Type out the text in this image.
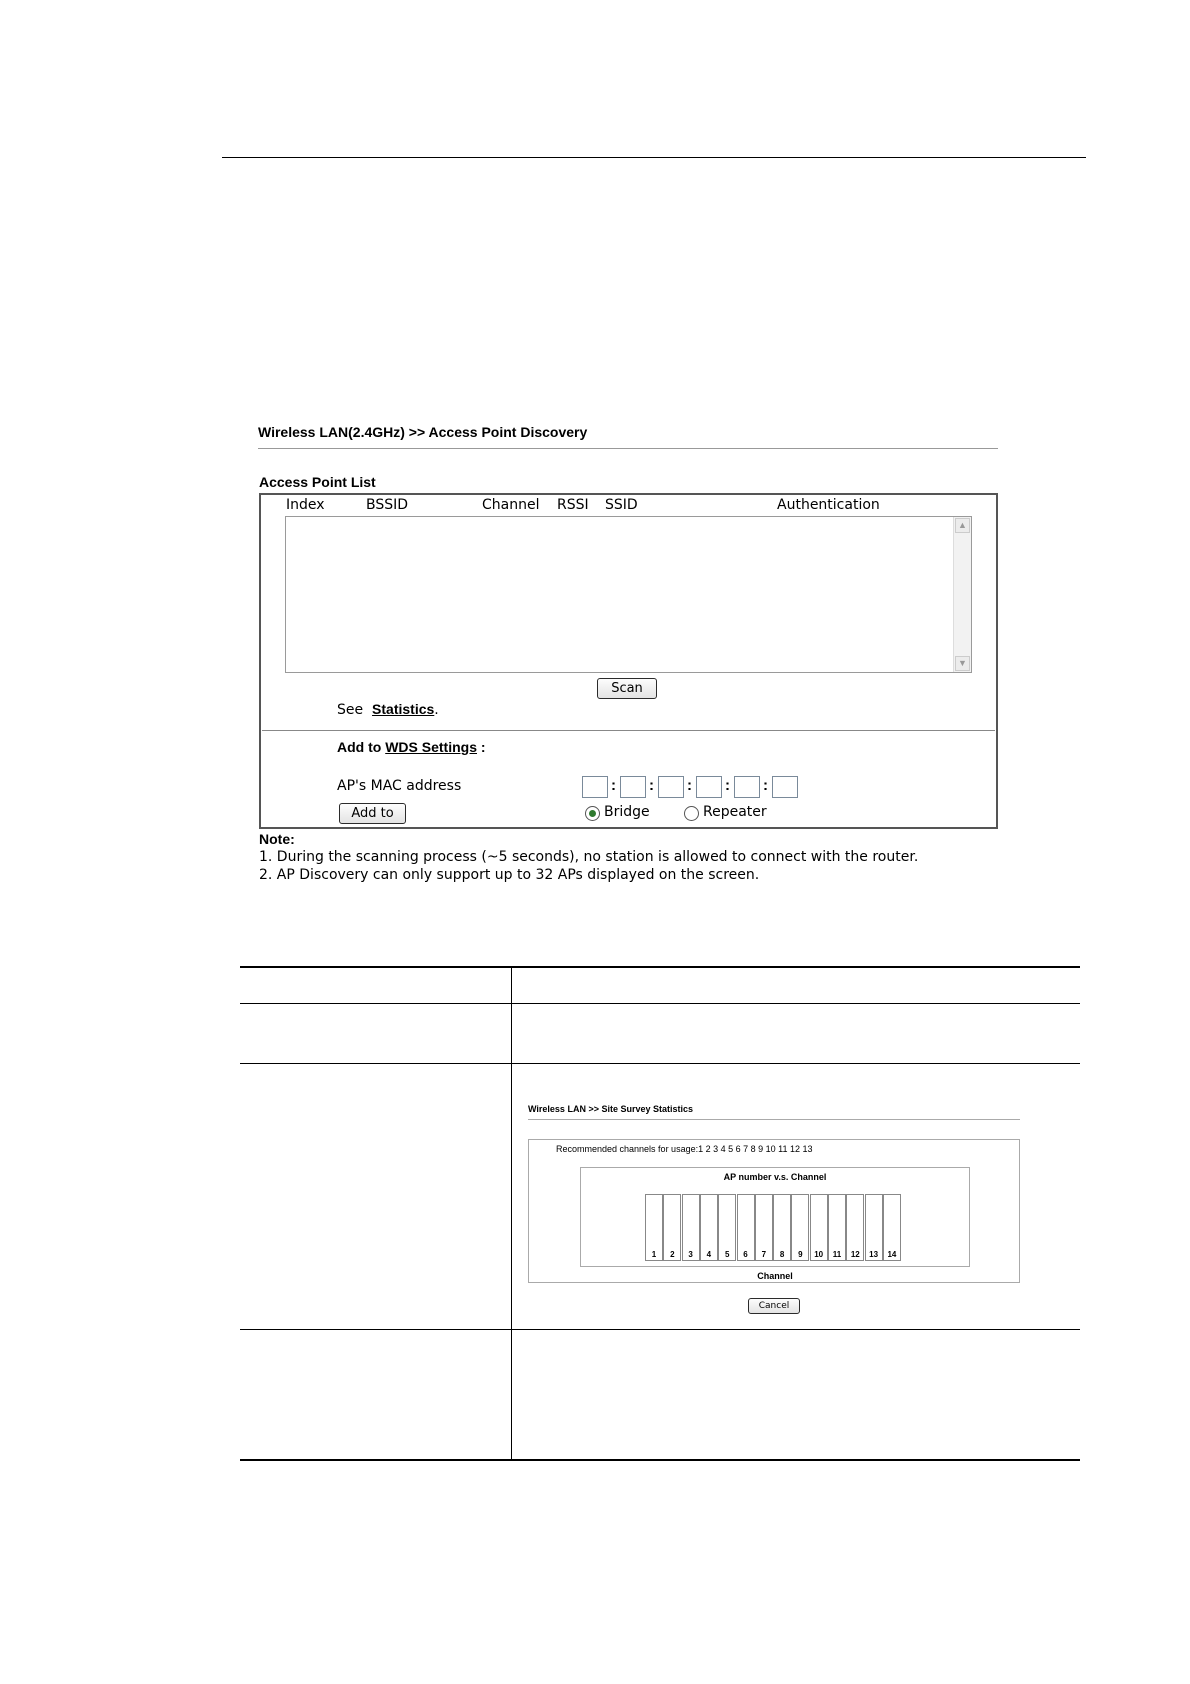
Wireless LAN(2.4GHz) >> Access Point Discovery
Access Point List
Index	BSSID	Channel RSSI SSID	Authentication
▲
▼
Scan
See Statistics.
Add to WDS Settings :
AP's MAC address	: : : : :
Add to	Bridge	Repeater
Note:
1. During the scanning process (~5 seconds), no station is allowed to connect with the router.
2. AP Discovery can only support up to 32 APs displayed on the screen.
Wireless LAN >> Site Survey Statistics
Recommended channels for usage:1 2 3 4 5 6 7 8 9 10 11 12 13
AP number v.s. Channel
1	2	3	4	5	6	7	8	9	10	11	12	13	14
Channel
Cancel
